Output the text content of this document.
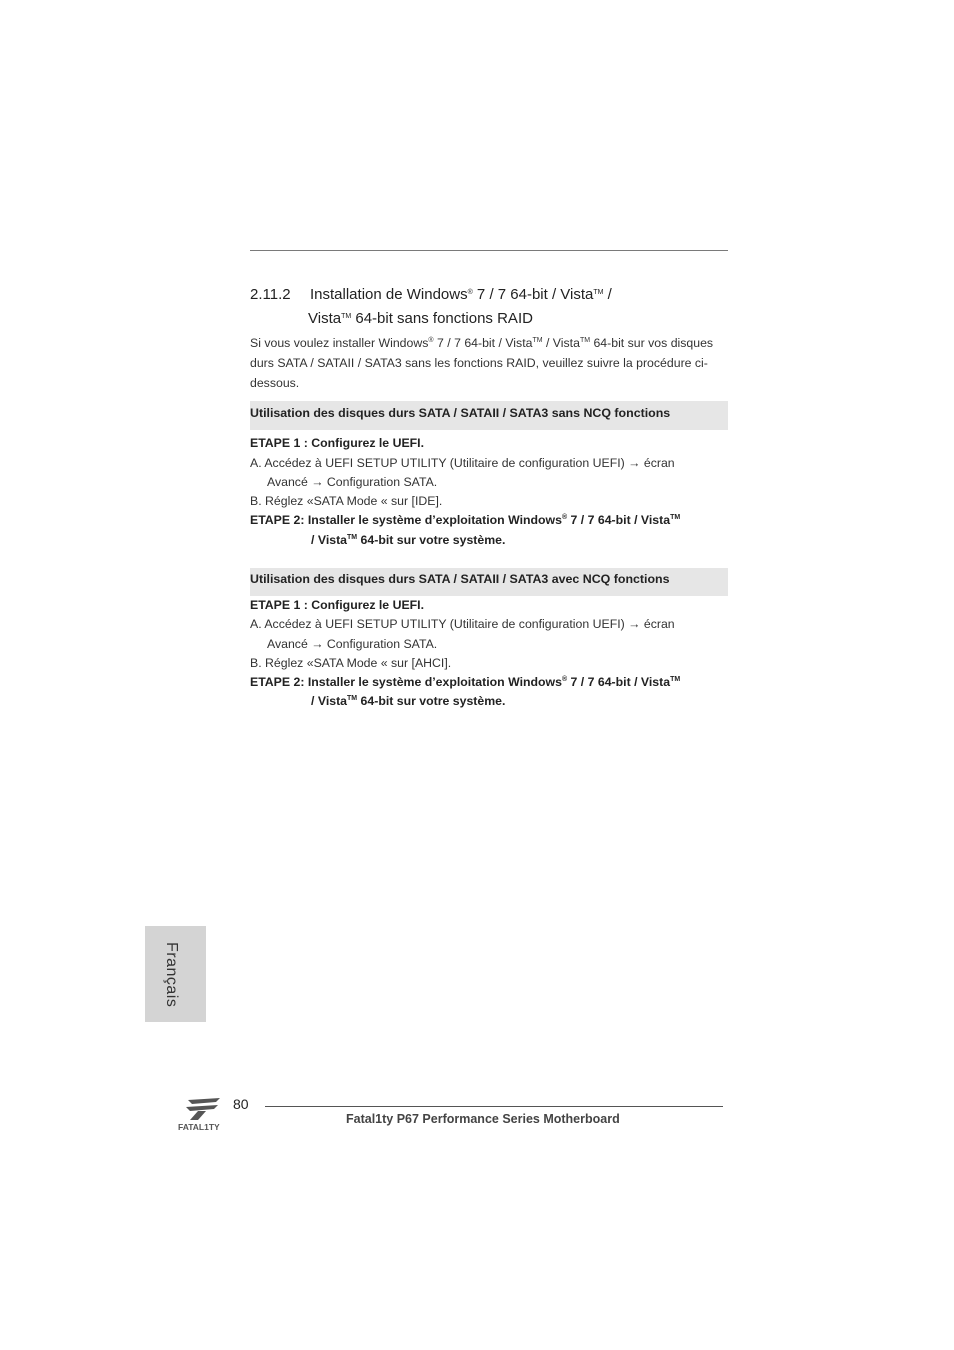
2.11.2 Installation de Windows® 7 / 7 64-bit / Vista™ /
Vista™ 64-bit sans fonctions RAID
Si vous voulez installer Windows® 7 / 7 64-bit / Vista™ / Vista™ 64-bit sur vos disques durs SATA / SATAII / SATA3 sans les fonctions RAID, veuillez suivre la procédure ci-dessous.
Utilisation des disques durs SATA / SATAII / SATA3 sans NCQ fonctions
ETAPE 1 : Configurez le UEFI.
A. Accédez à UEFI SETUP UTILITY (Utilitaire de configuration UEFI) → écran
Avancé → Configuration SATA.
B. Réglez «SATA Mode « sur [IDE].
ETAPE 2: Installer le système d’exploitation Windows® 7 / 7 64-bit / Vista™
/ Vista™ 64-bit sur votre système.
Utilisation des disques durs SATA / SATAII / SATA3 avec NCQ fonctions
ETAPE 1 : Configurez le UEFI.
A. Accédez à UEFI SETUP UTILITY (Utilitaire de configuration UEFI) → écran
Avancé → Configuration SATA.
B. Réglez «SATA Mode « sur [AHCI].
ETAPE 2: Installer le système d’exploitation Windows® 7 / 7 64-bit / Vista™
/ Vista™ 64-bit sur votre système.
Français
FATAL1TY
80
Fatal1ty P67 Performance Series Motherboard
